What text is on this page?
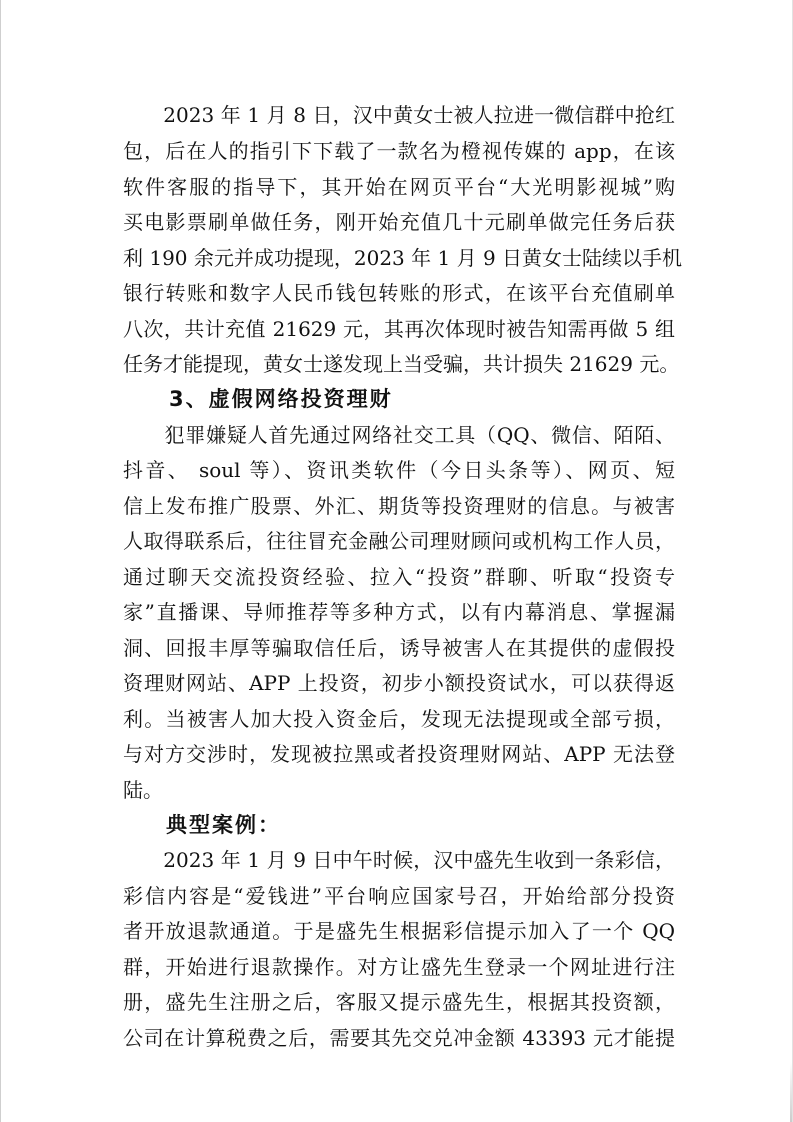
　　2023 年 1 月 8 日，汉中黄女士被人拉进一微信群中抢红
包，后在人的指引下下载了一款名为橙视传媒的 app，在该
软件客服的指导下，其开始在网页平台“大光明影视城”购
买电影票刷单做任务，刚开始充值几十元刷单做完任务后获
利 190 余元并成功提现，2023 年 1 月 9 日黄女士陆续以手机
银行转账和数字人民币钱包转账的形式，在该平台充值刷单
八次，共计充值 21629 元，其再次体现时被告知需再做 5 组
任务才能提现，黄女士遂发现上当受骗，共计损失 21629 元。
3、虚假网络投资理财
　　犯罪嫌疑人首先通过网络社交工具（QQ、微信、陌陌、
抖音、 soul 等）、资讯类软件（今日头条等）、网页、短
信上发布推广股票、外汇、期货等投资理财的信息。与被害
人取得联系后，往往冒充金融公司理财顾问或机构工作人员，
通过聊天交流投资经验、拉入“投资”群聊、听取“投资专
家”直播课、导师推荐等多种方式，以有内幕消息、掌握漏
洞、回报丰厚等骗取信任后，诱导被害人在其提供的虚假投
资理财网站、APP 上投资，初步小额投资试水，可以获得返
利。当被害人加大投入资金后，发现无法提现或全部亏损，
与对方交涉时，发现被拉黑或者投资理财网站、APP 无法登
陆。
典型案例：
　　2023 年 1 月 9 日中午时候，汉中盛先生收到一条彩信，
彩信内容是“爱钱进”平台响应国家号召，开始给部分投资
者开放退款通道。于是盛先生根据彩信提示加入了一个 QQ
群，开始进行退款操作。对方让盛先生登录一个网址进行注
册，盛先生注册之后，客服又提示盛先生，根据其投资额，
公司在计算税费之后，需要其先交兑冲金额 43393 元才能提
